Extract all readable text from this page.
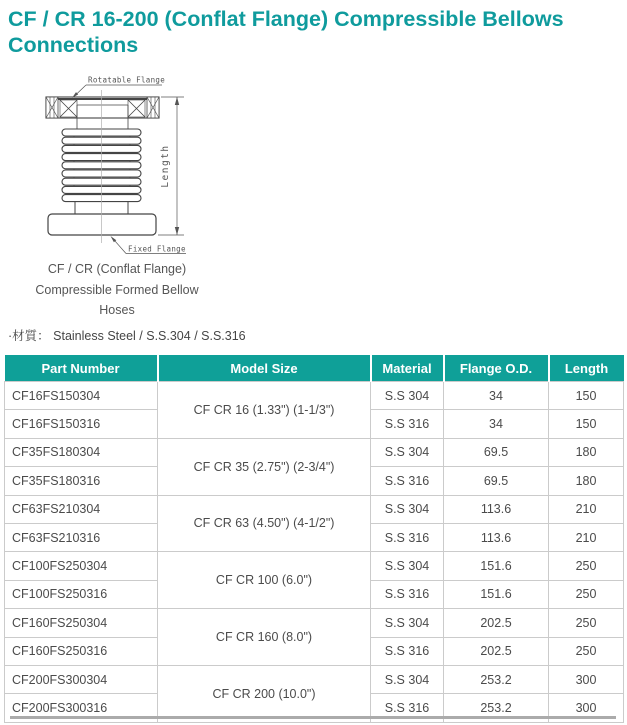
CF / CR 16-200 (Conflat Flange) Compressible Bellows Connections
Length
Rotatable Flange
Fixed Flange
CF / CR (Conflat Flange)
Compressible Formed Bellow
Hoses
·材質： Stainless Steel / S.S.304 / S.S.316
Part Number	Model Size	Material	Flange O.D.	Length
CF16FS150304	CF CR 16 (1.33") (1-1/3")	S.S 304	34	150
CF16FS150316		S.S 316	34	150
CF35FS180304	CF CR 35 (2.75") (2-3/4")	S.S 304	69.5	180
CF35FS180316		S.S 316	69.5	180
CF63FS210304	CF CR 63 (4.50") (4-1/2")	S.S 304	113.6	210
CF63FS210316		S.S 316	113.6	210
CF100FS250304	CF CR 100 (6.0")	S.S 304	151.6	250
CF100FS250316		S.S 316	151.6	250
CF160FS250304	CF CR 160 (8.0")	S.S 304	202.5	250
CF160FS250316		S.S 316	202.5	250
CF200FS300304	CF CR 200 (10.0")	S.S 304	253.2	300
CF200FS300316		S.S 316	253.2	300
